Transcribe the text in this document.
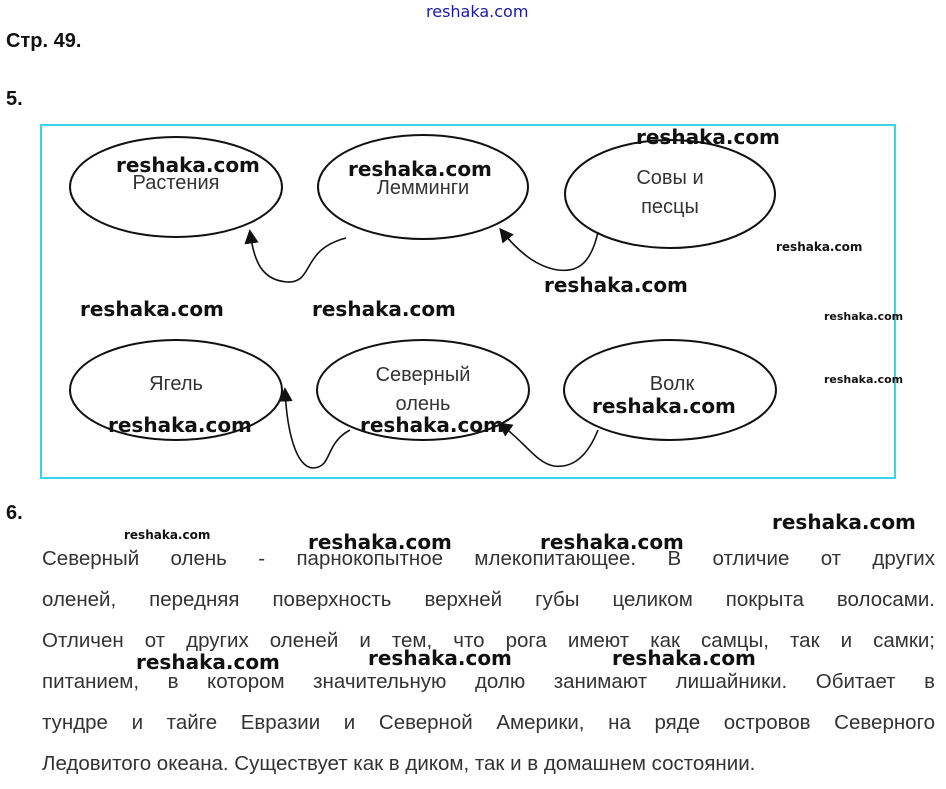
reshaka.com
Стр. 49.
5.
Растения	Лемминги	Совы и
песцы
Ягель	Северный
олень
Волк
6.
Северный олень - парнокопытное млекопитающее. В отличие от других
оленей, передняя поверхность верхней губы целиком покрыта волосами.
Отличен от других оленей и тем, что рога имеют как самцы, так и самки;
питанием, в котором значительную долю занимают лишайники. Обитает в
тундре и тайге Евразии и Северной Америки, на ряде островов Северного
Ледовитого океана. Существует как в диком, так и в домашнем состоянии.
reshaka.com
reshaka.com	reshaka.com
reshaka.com
reshaka.com
reshaka.com	reshaka.com	reshaka.com
reshaka.com
reshaka.com
reshaka.com	reshaka.com
reshaka.com
reshaka.com	reshaka.com	reshaka.com
reshaka.com	reshaka.com	reshaka.com
